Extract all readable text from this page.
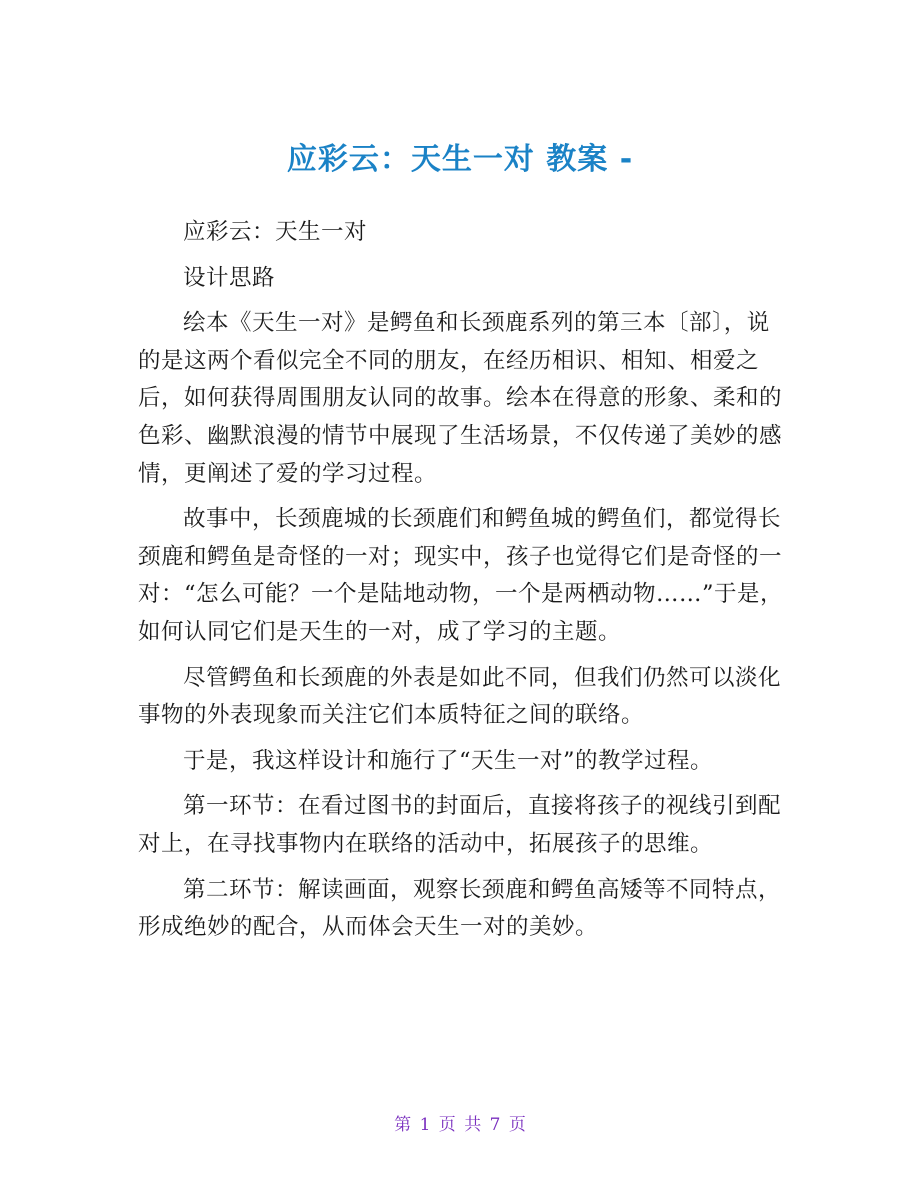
应彩云：天生一对 教案 -

应彩云：天生一对

设计思路

绘本《天生一对》是鳄鱼和长颈鹿系列的第三本〔部〕，说的是这两个看似完全不同的朋友，在经历相识、相知、相爱之后，如何获得周围朋友认同的故事。绘本在得意的形象、柔和的色彩、幽默浪漫的情节中展现了生活场景，不仅传递了美妙的感情，更阐述了爱的学习过程。

故事中，长颈鹿城的长颈鹿们和鳄鱼城的鳄鱼们，都觉得长颈鹿和鳄鱼是奇怪的一对；现实中，孩子也觉得它们是奇怪的一对：“怎么可能？一个是陆地动物，一个是两栖动物……”于是，如何认同它们是天生的一对，成了学习的主题。

尽管鳄鱼和长颈鹿的外表是如此不同，但我们仍然可以淡化事物的外表现象而关注它们本质特征之间的联络。

于是，我这样设计和施行了“天生一对”的教学过程。

第一环节：在看过图书的封面后，直接将孩子的视线引到配对上，在寻找事物内在联络的活动中，拓展孩子的思维。

第二环节：解读画面，观察长颈鹿和鳄鱼高矮等不同特点，形成绝妙的配合，从而体会天生一对的美妙。

第 1 页 共 7 页
